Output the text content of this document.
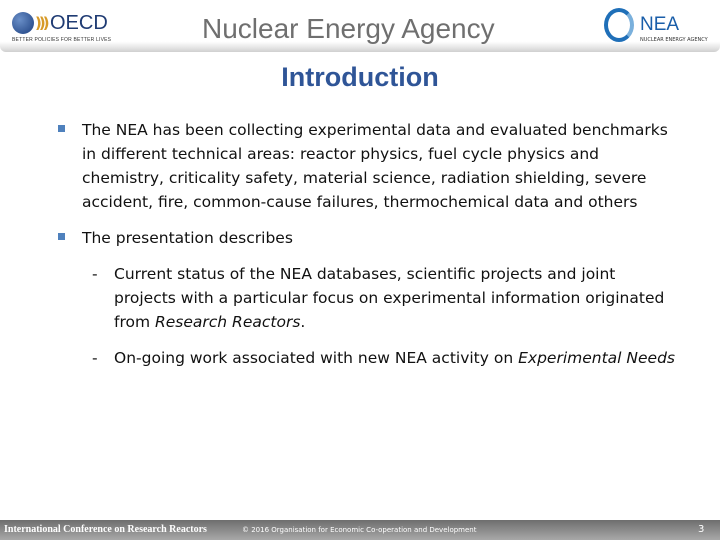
))) OECD
BETTER POLICIES FOR BETTER LIVES	Nuclear Energy Agency	NEA
NUCLEAR ENERGY AGENCY
Introduction
The NEA has been collecting experimental data and evaluated benchmarks in different technical areas: reactor physics, fuel cycle physics and chemistry, criticality safety, material science, radiation shielding, severe accident, fire, common-cause failures, thermochemical data and others
The presentation describes
- Current status of the NEA databases, scientific projects and joint projects with a particular focus on experimental information originated from Research Reactors.
- On-going work associated with new NEA activity on Experimental Needs
International Conference on Research Reactors	© 2016 Organisation for Economic Co-operation and Development	3
